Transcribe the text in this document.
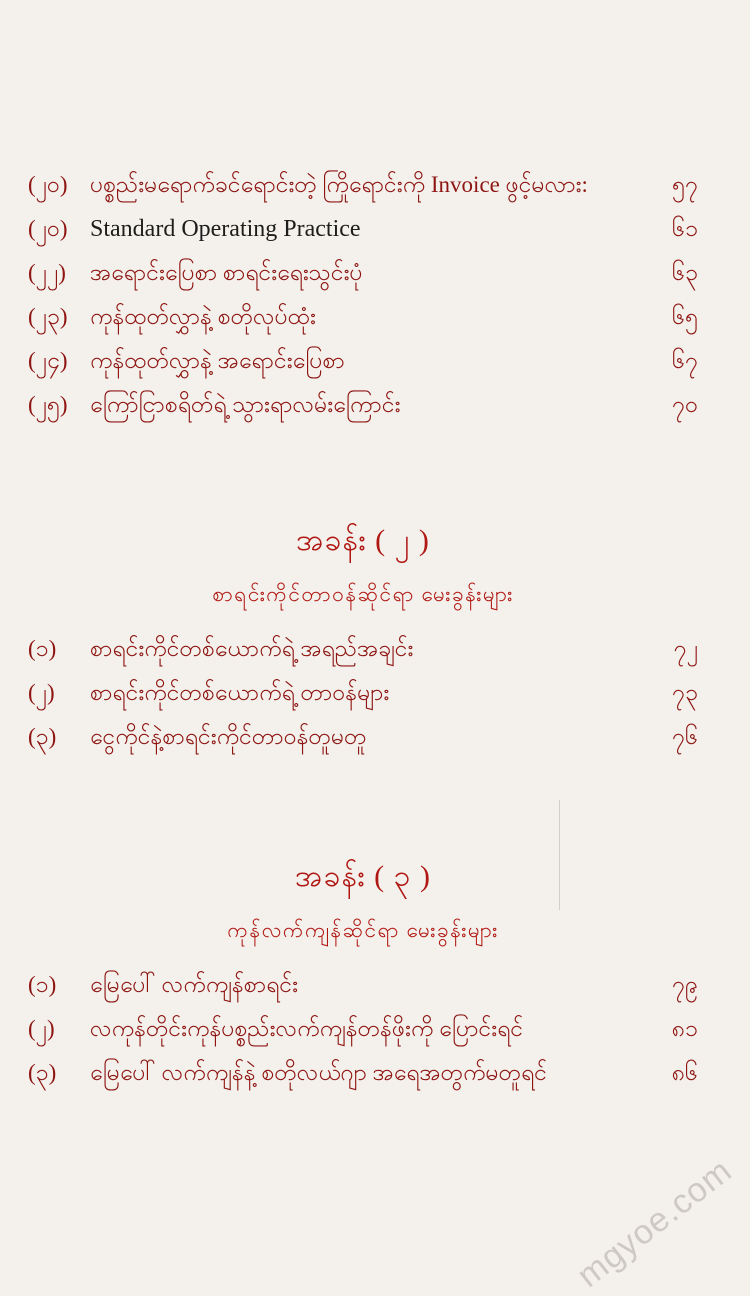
(၂၀) ပစ္စည်းမရောက်ခင်ရောင်းတဲ့ ကြိုရောင်းကို Invoice ဖွင့်မလား:	၅၇
(၂၀) Standard Operating Practice	၆၁
(၂၂)	အရောင်းပြေစာ စာရင်းရေးသွင်းပုံ	၆၃
(၂၃) ကုန်ထုတ်လွှာနဲ့ စတိုလုပ်ထုံး	၆၅
(၂၄) ကုန်ထုတ်လွှာနဲ့ အရောင်းပြေစာ	၆၇
(၂၅) ကြော်ငြာစရိတ်ရဲ့ သွားရာလမ်းကြောင်း	၇၀
အခန်း ( ၂ )
စာရင်းကိုင်တာဝန်ဆိုင်ရာ မေးခွန်းများ
(၁)	စာရင်းကိုင်တစ်ယောက်ရဲ့ အရည်အချင်း	၇၂
(၂)	စာရင်းကိုင်တစ်ယောက်ရဲ့ တာဝန်များ	၇၃
(၃)	ငွေကိုင်နဲ့စာရင်းကိုင်တာဝန်တူမတူ	၇၆
အခန်း ( ၃ )
ကုန်လက်ကျန်ဆိုင်ရာ မေးခွန်းများ
(၁)	မြေပေါ် လက်ကျန်စာရင်း	၇၉
(၂)	လကုန်တိုင်းကုန်ပစ္စည်းလက်ကျန်တန်ဖိုးကို ပြောင်းရင်	၈၁
(၃)	မြေပေါ် လက်ကျန်နဲ့ စတိုလယ်ဂျာ အရေအတွက်မတူရင်	၈၆
mgyoe.com
